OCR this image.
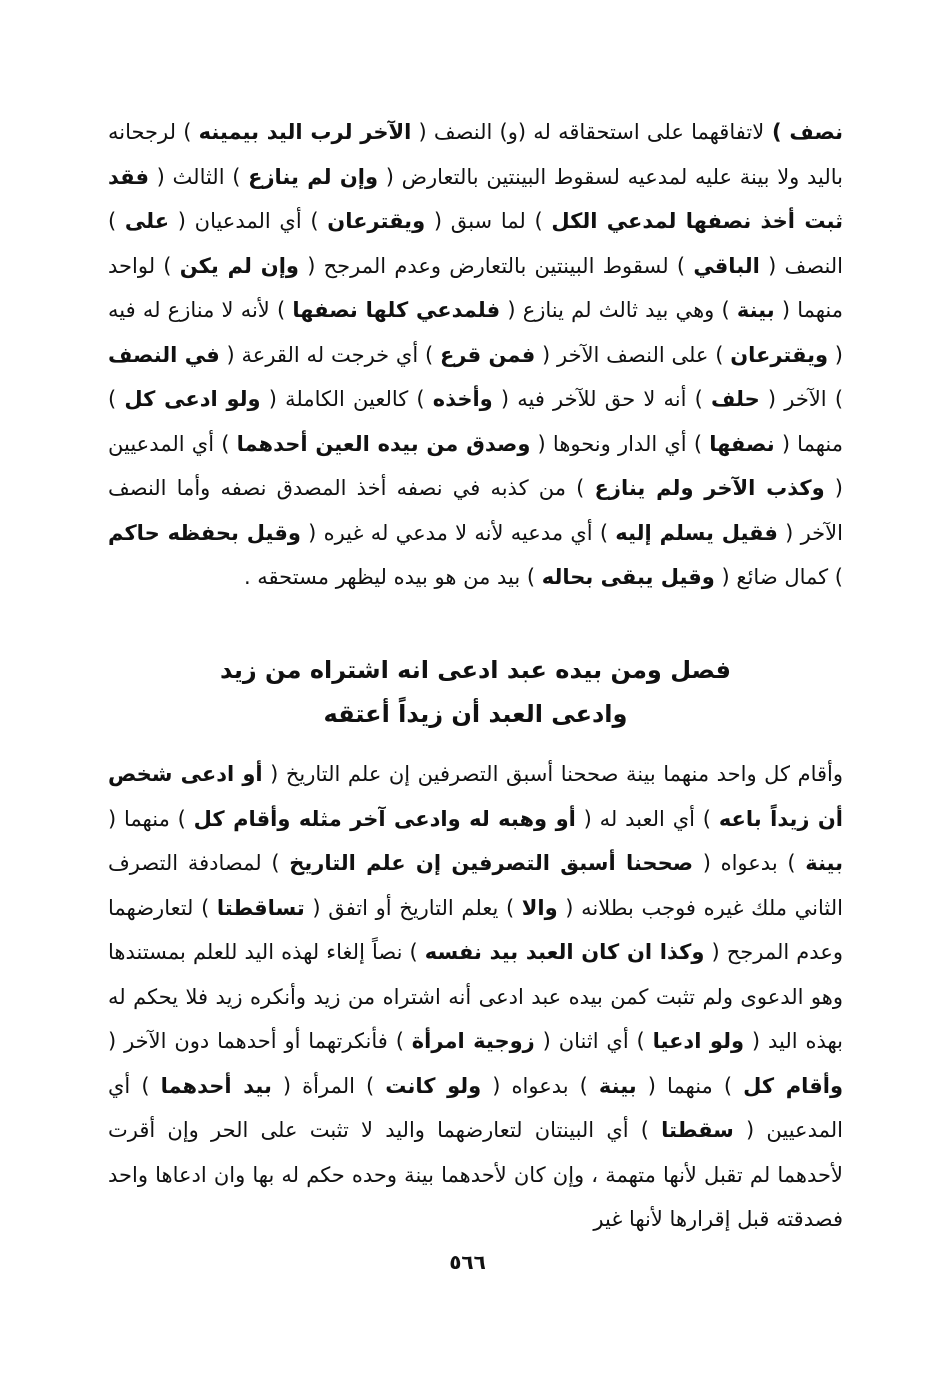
نصف ) لاتفاقهما على استحقاقه له (و) النصف ( الآخر لرب اليد بيمينه ) لرجحانه باليد ولا بينة عليه لمدعيه لسقوط البينتين بالتعارض ( وإن لم ينازع ) الثالث ( فقد ثبت أخذ نصفها لمدعي الكل ) لما سبق ( ويقترعان ) أي المدعيان ( على ) النصف ( الباقي ) لسقوط البينتين بالتعارض وعدم المرجح ( وإن لم يكن ) لواحد منهما ( بينة ) وهي بيد ثالث لم ينازع ( فلمدعي كلها نصفها ) لأنه لا منازع له فيه ( ويقترعان ) على النصف الآخر ( فمن قرع ) أي خرجت له القرعة ( في النصف ) الآخر ( حلف ) أنه لا حق للآخر فيه ( وأخذه ) كالعين الكاملة ( ولو ادعى كل ) منهما ( نصفها ) أي الدار ونحوها ( وصدق من بيده العين أحدهما ) أي المدعيين ( وكذب الآخر ولم ينازع ) من كذبه في نصفه أخذ المصدق نصفه وأما النصف الآخر ( فقيل يسلم إليه ) أي مدعيه لأنه لا مدعي له غيره ( وقيل بحفظه حاكم ) كمال ضائع ( وقيل يبقى بحاله ) بيد من هو بيده ليظهر مستحقه .

فصل ومن بيده عبد ادعى انه اشتراه من زيد
وادعى العبد أن زيداً أعتقه

وأقام كل واحد منهما بينة صححنا أسبق التصرفين إن علم التاريخ ( أو ادعى شخص أن زيداً باعه ) أي العبد له ( أو وهبه له وادعى آخر مثله وأقام كل ) منهما ( بينة ) بدعواه ( صححنا أسبق التصرفين إن علم التاريخ ) لمصادفة التصرف الثاني ملك غيره فوجب بطلانه ( والا ) يعلم التاريخ أو اتفق ( تساقطتا ) لتعارضهما وعدم المرجح ( وكذا ان كان العبد بيد نفسه ) نصاً إلغاء لهذه اليد للعلم بمستندها وهو الدعوى ولم تثبت كمن بيده عبد ادعى أنه اشتراه من زيد وأنكره زيد فلا يحكم له بهذه اليد ( ولو ادعيا ) أي اثنان ( زوجية امرأة ) فأنكرتهما أو أحدهما دون الآخر ( وأقام كل ) منهما ( بينة ) بدعواه ( ولو كانت ) المرأة ( بيد أحدهما ) أي المدعيين ( سقطتا ) أي البينتان لتعارضهما واليد لا تثبت على الحر وإن أقرت لأحدهما لم تقبل لأنها متهمة ، وإن كان لأحدهما بينة وحده حكم له بها وان ادعاها واحد فصدقته قبل إقرارها لأنها غير

٥٦٦
